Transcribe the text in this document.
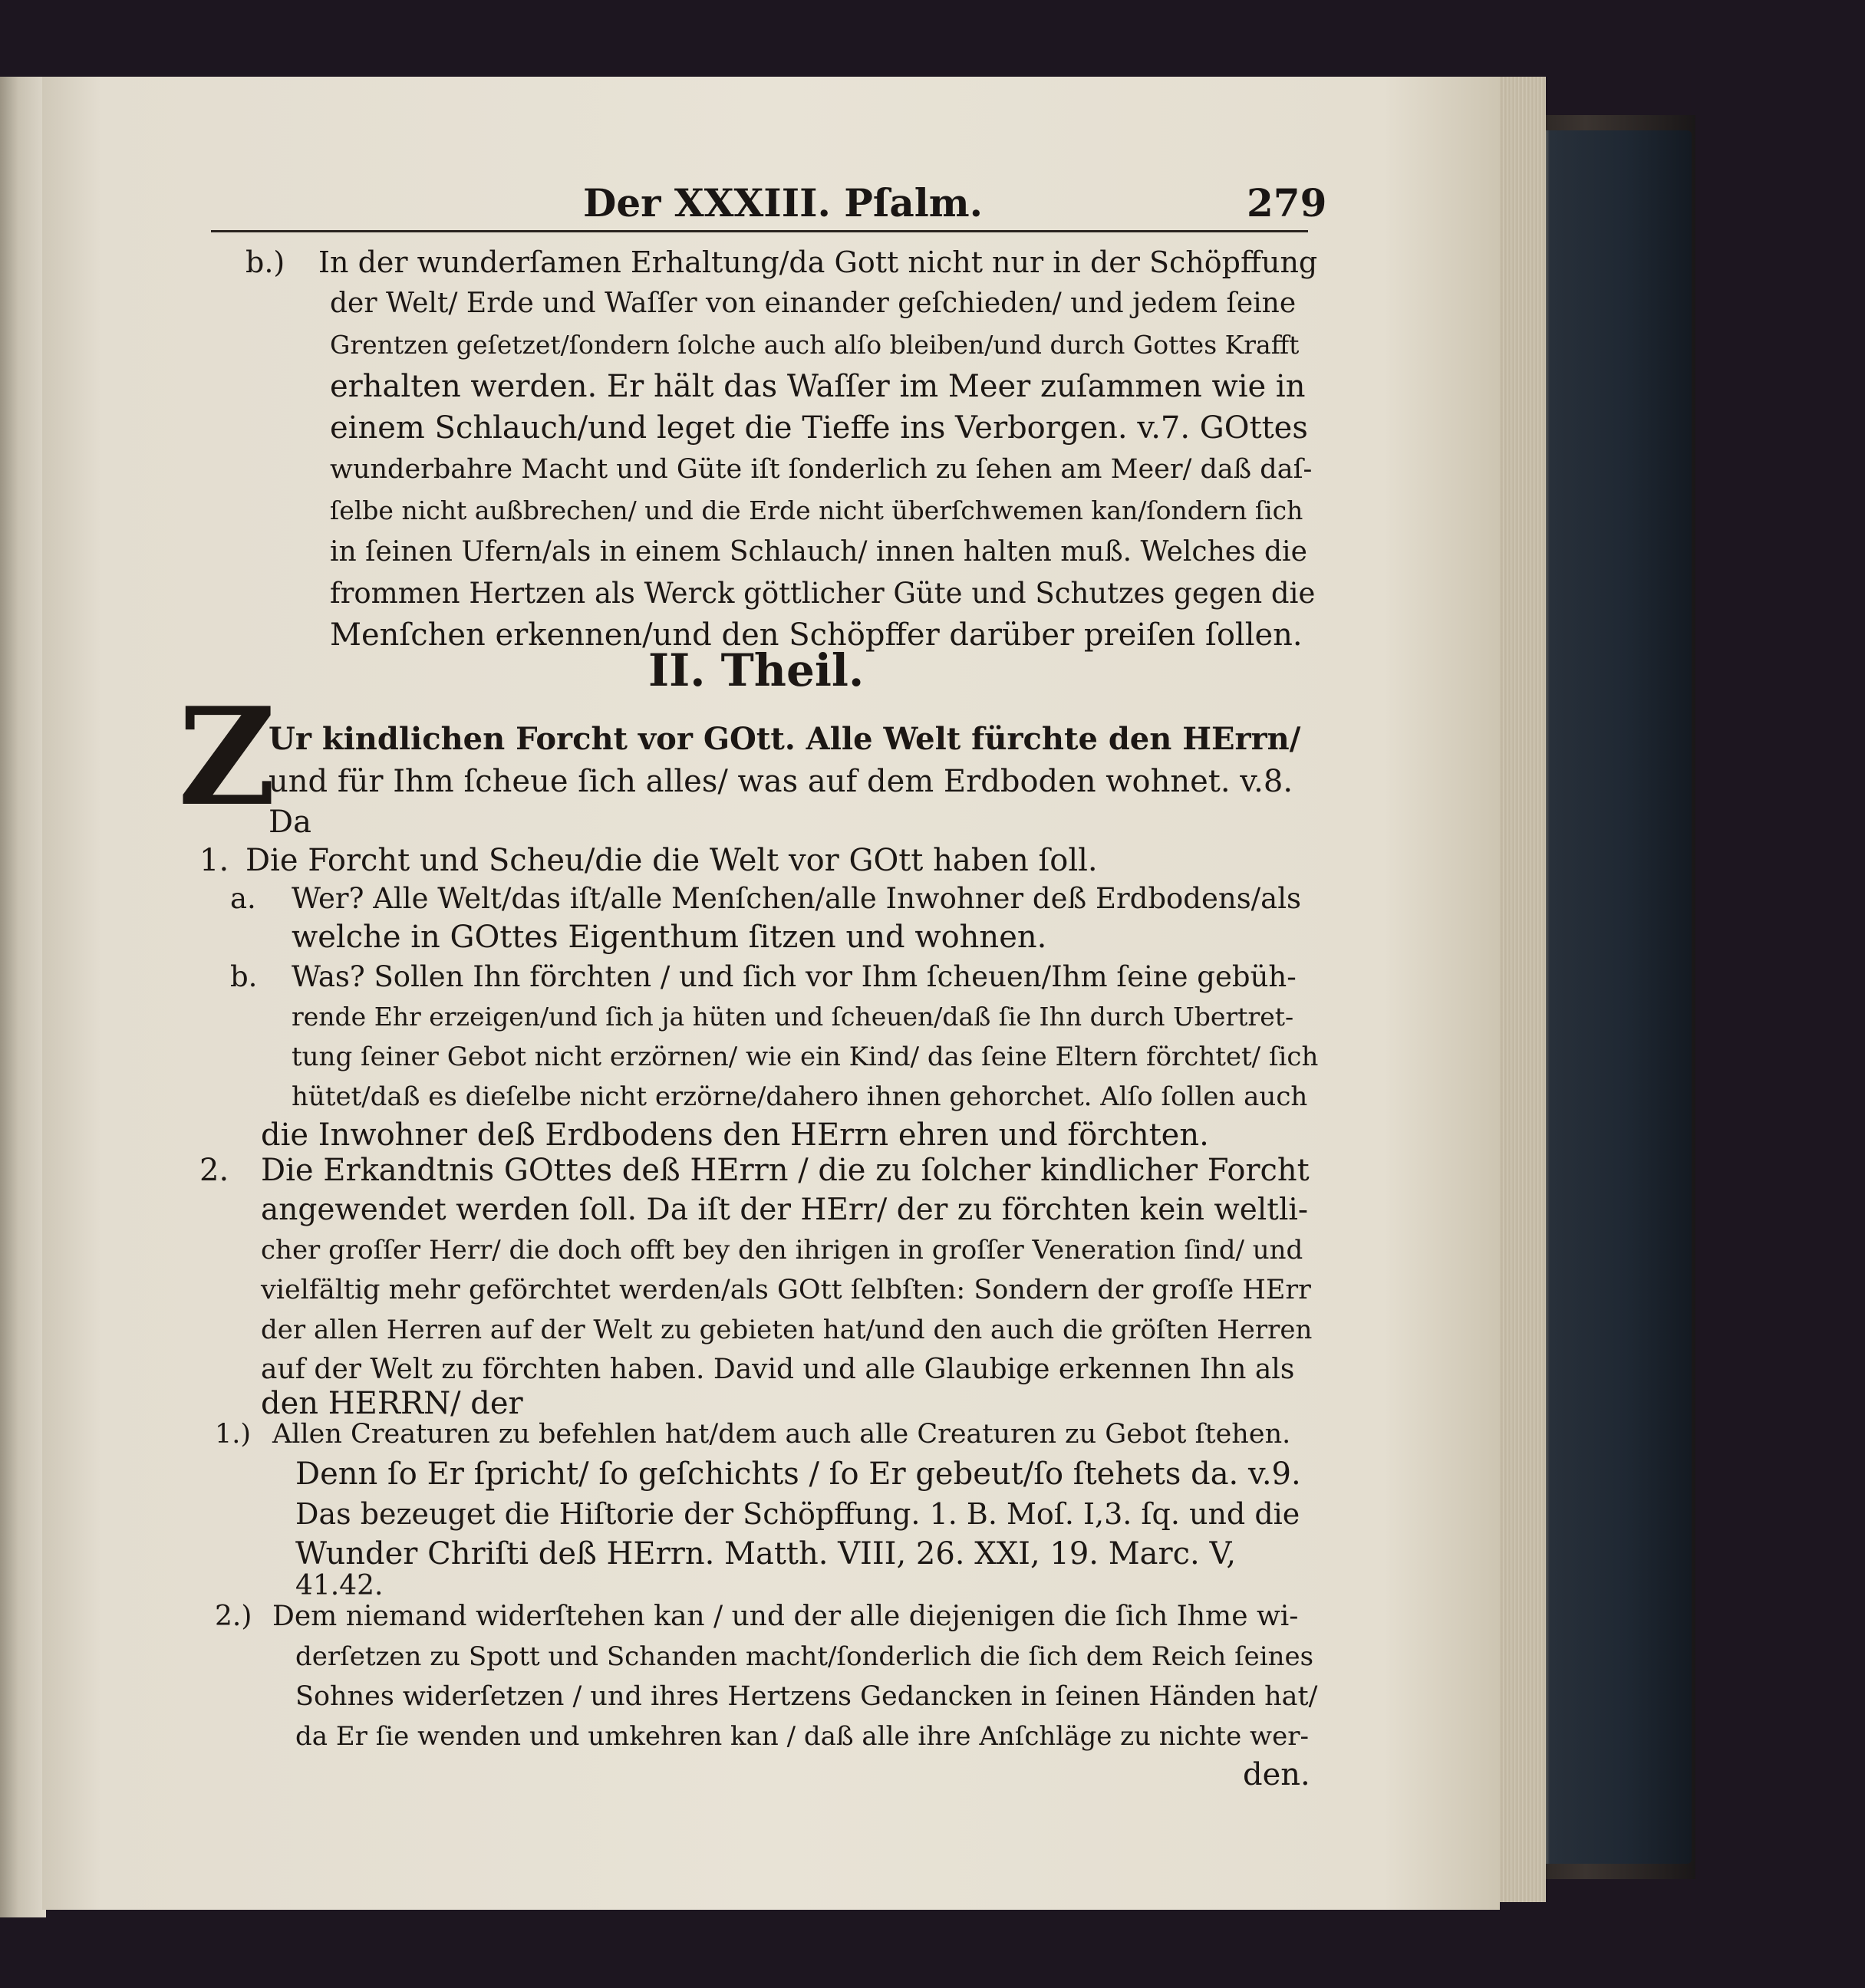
Der XXXIII. Pſalm.	279
II. Theil.
Z
b.) In der wunderſamen Erhaltung/da Gott nicht nur in der Schöpffung
der Welt/ Erde und Waſſer von einander geſchieden/ und jedem ſeine
Grentzen geſetzet/ſondern ſolche auch alſo bleiben/und durch Gottes Krafft
erhalten werden. Er hält das Waſſer im Meer zuſammen wie in
einem Schlauch/und leget die Tieffe ins Verborgen. v.7. GOttes
wunderbahre Macht und Güte iſt ſonderlich zu ſehen am Meer/ daß daſ-
ſelbe nicht außbrechen/ und die Erde nicht überſchwemen kan/ſondern ſich
in ſeinen Ufern/als in einem Schlauch/ innen halten muß. Welches die
frommen Hertzen als Werck göttlicher Güte und Schutzes gegen die
Menſchen erkennen/und den Schöpffer darüber preiſen ſollen.
Ur kindlichen Forcht vor GOtt. Alle Welt fürchte den HErrn/
und für Ihm ſcheue ſich alles/ was auf dem Erdboden wohnet. v.8.
Da
1. Die Forcht und Scheu/die die Welt vor GOtt haben ſoll.
a. Wer? Alle Welt/das iſt/alle Menſchen/alle Inwohner deß Erdbodens/als
welche in GOttes Eigenthum ſitzen und wohnen.
b. Was? Sollen Ihn förchten / und ſich vor Ihm ſcheuen/Ihm ſeine gebüh-
rende Ehr erzeigen/und ſich ja hüten und ſcheuen/daß ſie Ihn durch Ubertret-
tung ſeiner Gebot nicht erzörnen/ wie ein Kind/ das ſeine Eltern förchtet/ ſich
hütet/daß es dieſelbe nicht erzörne/dahero ihnen gehorchet. Alſo ſollen auch
die Inwohner deß Erdbodens den HErrn ehren und förchten.
2. Die Erkandtnis GOttes deß HErrn / die zu ſolcher kindlicher Forcht
angewendet werden ſoll. Da iſt der HErr/ der zu förchten kein weltli-
cher groſſer Herr/ die doch offt bey den ihrigen in groſſer Veneration ſind/ und
vielfältig mehr geförchtet werden/als GOtt ſelbſten: Sondern der groſſe HErr
der allen Herren auf der Welt zu gebieten hat/und den auch die gröſten Herren
auf der Welt zu förchten haben. David und alle Glaubige erkennen Ihn als
den HERRN/ der
1.) Allen Creaturen zu befehlen hat/dem auch alle Creaturen zu Gebot ſtehen.
Denn ſo Er ſpricht/ ſo geſchichts / ſo Er gebeut/ſo ſtehets da. v.9.
Das bezeuget die Hiſtorie der Schöpffung. 1. B. Moſ. I,3. ſq. und die
Wunder Chriſti deß HErrn. Matth. VIII, 26. XXI, 19. Marc. V,
41.42.
2.) Dem niemand widerſtehen kan / und der alle diejenigen die ſich Ihme wi-
derſetzen zu Spott und Schanden macht/ſonderlich die ſich dem Reich ſeines
Sohnes widerſetzen / und ihres Hertzens Gedancken in ſeinen Händen hat/
da Er ſie wenden und umkehren kan / daß alle ihre Anſchläge zu nichte wer-
den.
